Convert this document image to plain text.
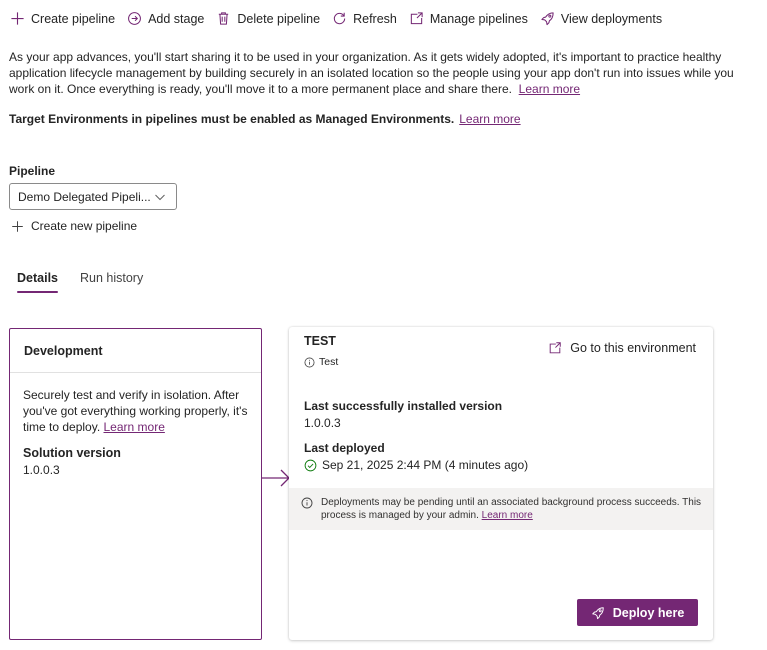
Create pipeline	Add stage	Delete pipeline	Refresh	Manage pipelines	View deployments

As your app advances, you'll start sharing it to be used in your organization. As it gets widely adopted, it's important to practice healthy application lifecycle management by building securely in an isolated location so the people using your app don't run into issues while you work on it. Once everything is ready, you'll move it to a more permanent place and share there. Learn more

Target Environments in pipelines must be enabled as Managed Environments. Learn more
Pipeline
Demo Delegated Pipeli...
Create new pipeline
Details	Run history
Development

Securely test and verify in isolation. After you've got everything working properly, it's time to deploy. Learn more

Solution version
1.0.0.3
TEST
Test
Go to this environment
Last successfully installed version
1.0.0.3
Last deployed
Sep 21, 2025 2:44 PM (4 minutes ago)

Deployments may be pending until an associated background process succeeds. This process is managed by your admin. Learn more

Deploy here
